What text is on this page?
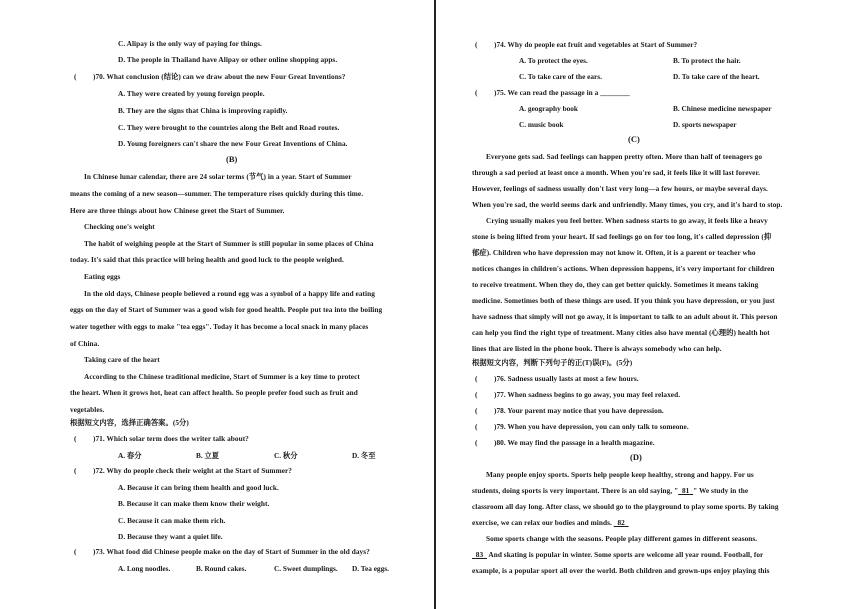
C. Alipay is the only way of paying for things.
D. The people in Thailand have Alipay or other online shopping apps.
( )70. What conclusion (结论) can we draw about the new Four Great Inventions?
A. They were created by young foreign people.
B. They are the signs that China is improving rapidly.
C. They were brought to the countries along the Belt and Road routes.
D. Young foreigners can't share the new Four Great Inventions of China.
(B)
In Chinese lunar calendar, there are 24 solar terms (节气) in a year. Start of Summer
means the coming of a new season—summer. The temperature rises quickly during this time.
Here are three things about how Chinese greet the Start of Summer.
Checking one's weight
The habit of weighing people at the Start of Summer is still popular in some places of China
today. It's said that this practice will bring health and good luck to the people weighed.
Eating eggs
In the old days, Chinese people believed a round egg was a symbol of a happy life and eating
eggs on the day of Start of Summer was a good wish for good health. People put tea into the boiling
water together with eggs to make "tea eggs". Today it has become a local snack in many places
of China.
Taking care of the heart
According to the Chinese traditional medicine, Start of Summer is a key time to protect
the heart. When it grows hot, heat can affect health. So people prefer food such as fruit and
vegetables.
根据短文内容，选择正确答案。(5分)
( )71. Which solar term does the writer talk about?
A. 春分	B. 立夏	C. 秋分	D. 冬至
( )72. Why do people check their weight at the Start of Summer?
A. Because it can bring them health and good luck.
B. Because it can make them know their weight.
C. Because it can make them rich.
D. Because they want a quiet life.
( )73. What food did Chinese people make on the day of Start of Summer in the old days?
A. Long noodles.	B. Round cakes.	C. Sweet dumplings. D. Tea eggs.
( )74. Why do people eat fruit and vegetables at Start of Summer?
A. To protect the eyes.	B. To protect the hair.
C. To take care of the ears.	D. To take care of the heart.
( )75. We can read the passage in a ________
A. geography book	B. Chinese medicine newspaper
C. music book	D. sports newspaper
(C)
Everyone gets sad. Sad feelings can happen pretty often. More than half of teenagers go
through a sad period at least once a month. When you're sad, it feels like it will last forever.
However, feelings of sadness usually don't last very long—a few hours, or maybe several days.
When you're sad, the world seems dark and unfriendly. Many times, you cry, and it's hard to stop.
Crying usually makes you feel better. When sadness starts to go away, it feels like a heavy
stone is being lifted from your heart. If sad feelings go on for too long, it's called depression (抑
郁症). Children who have depression may not know it. Often, it is a parent or teacher who
notices changes in children's actions. When depression happens, it's very important for children
to receive treatment. When they do, they can get better quickly. Sometimes it means taking
medicine. Sometimes both of these things are used. If you think you have depression, or you just
have sadness that simply will not go away, it is important to talk to an adult about it. This person
can help you find the right type of treatment. Many cities also have mental (心理的) health hot
lines that are listed in the phone book. There is always somebody who can help.
根据短文内容，判断下列句子的正(T)误(F)。(5分)
( )76. Sadness usually lasts at most a few hours.
( )77. When sadness begins to go away, you may feel relaxed.
( )78. Your parent may notice that you have depression.
( )79. When you have depression, you can only talk to someone.
( )80. We may find the passage in a health magazine.
(D)
Many people enjoy sports. Sports help people keep healthy, strong and happy. For us
students, doing sports is very important. There is an old saying, " 81 " We study in the
classroom all day long. After class, we should go to the playground to play some sports. By taking
exercise, we can relax our bodies and minds. 82
Some sports change with the seasons. People play different games in different seasons.
83 And skating is popular in winter. Some sports are welcome all year round. Football, for
example, is a popular sport all over the world. Both children and grown-ups enjoy playing this
